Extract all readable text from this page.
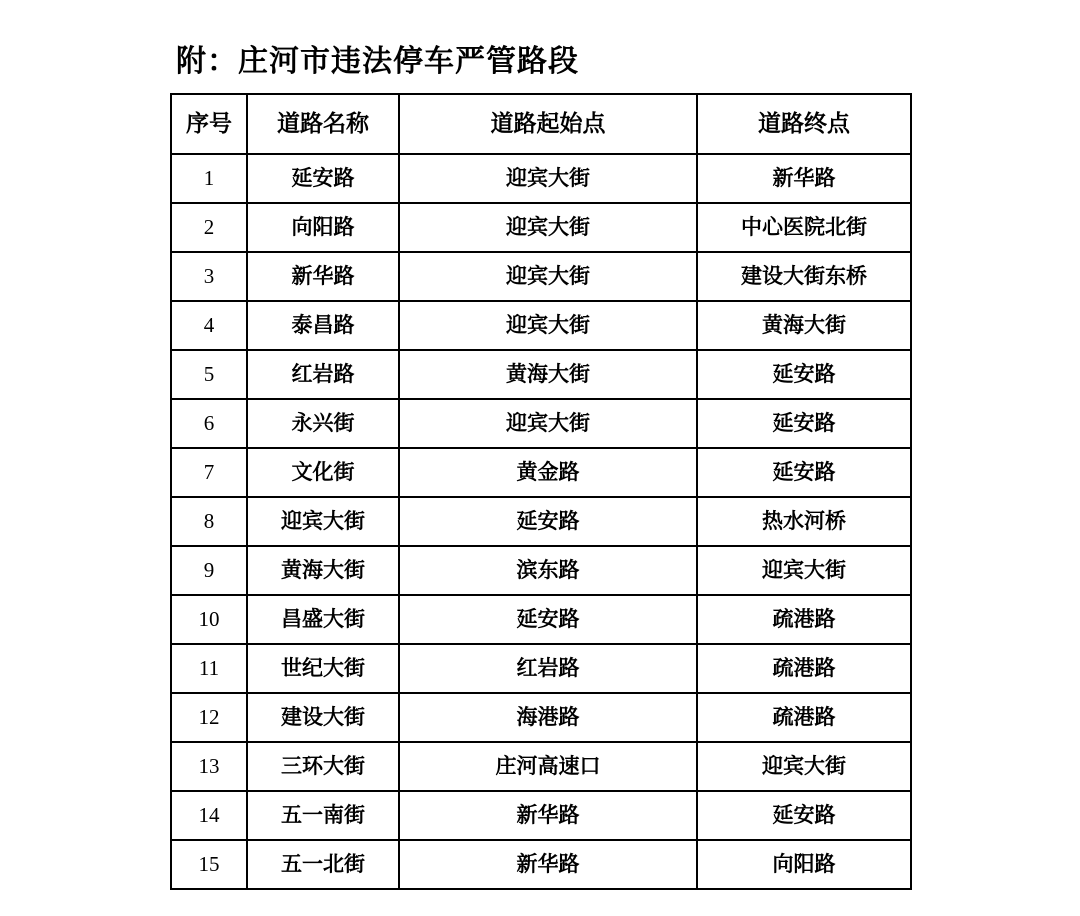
附：庄河市违法停车严管路段
序号	道路名称	道路起始点	道路终点
1	延安路	迎宾大街	新华路
2	向阳路	迎宾大街	中心医院北街
3	新华路	迎宾大街	建设大街东桥
4	泰昌路	迎宾大街	黄海大街
5	红岩路	黄海大街	延安路
6	永兴街	迎宾大街	延安路
7	文化街	黄金路	延安路
8	迎宾大街	延安路	热水河桥
9	黄海大街	滨东路	迎宾大街
10	昌盛大街	延安路	疏港路
11	世纪大街	红岩路	疏港路
12	建设大街	海港路	疏港路
13	三环大街	庄河高速口	迎宾大街
14	五一南街	新华路	延安路
15	五一北街	新华路	向阳路
